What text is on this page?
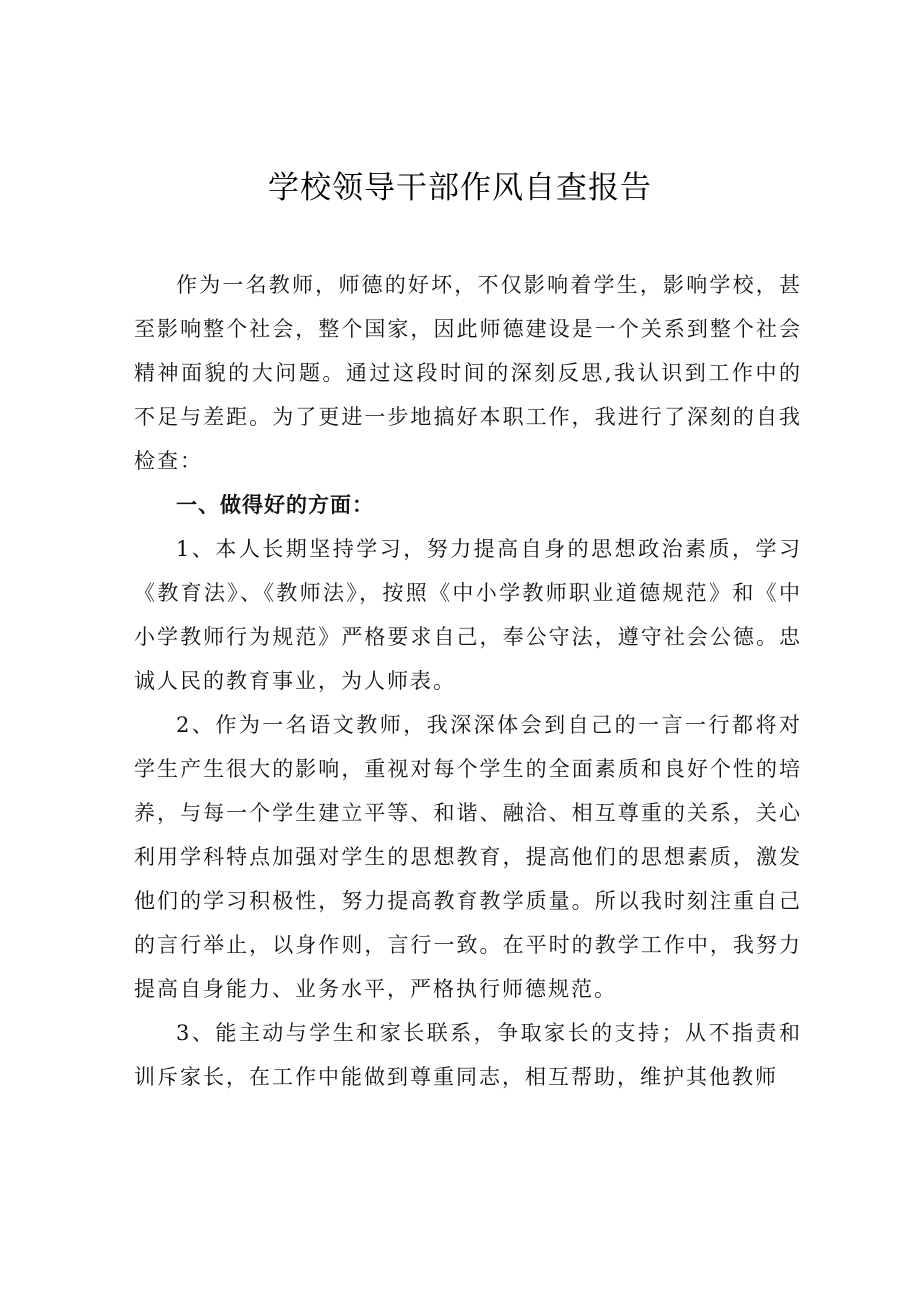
学校领导干部作风自查报告

作为一名教师，师德的好坏，不仅影响着学生，影响学校，甚至影响整个社会，整个国家，因此师德建设是一个关系到整个社会精神面貌的大问题。通过这段时间的深刻反思,我认识到工作中的不足与差距。为了更进一步地搞好本职工作，我进行了深刻的自我检查：

一、做得好的方面：

1、本人长期坚持学习，努力提高自身的思想政治素质，学习《教育法》、《教师法》，按照《中小学教师职业道德规范》和《中小学教师行为规范》严格要求自己，奉公守法，遵守社会公德。忠诚人民的教育事业，为人师表。

2、作为一名语文教师，我深深体会到自己的一言一行都将对学生产生很大的影响，重视对每个学生的全面素质和良好个性的培养，与每一个学生建立平等、和谐、融洽、相互尊重的关系，关心利用学科特点加强对学生的思想教育，提高他们的思想素质，激发他们的学习积极性，努力提高教育教学质量。所以我时刻注重自己的言行举止，以身作则，言行一致。在平时的教学工作中，我努力提高自身能力、业务水平，严格执行师德规范。

3、能主动与学生和家长联系，争取家长的支持；从不指责和训斥家长，在工作中能做到尊重同志，相互帮助，维护其他教师
